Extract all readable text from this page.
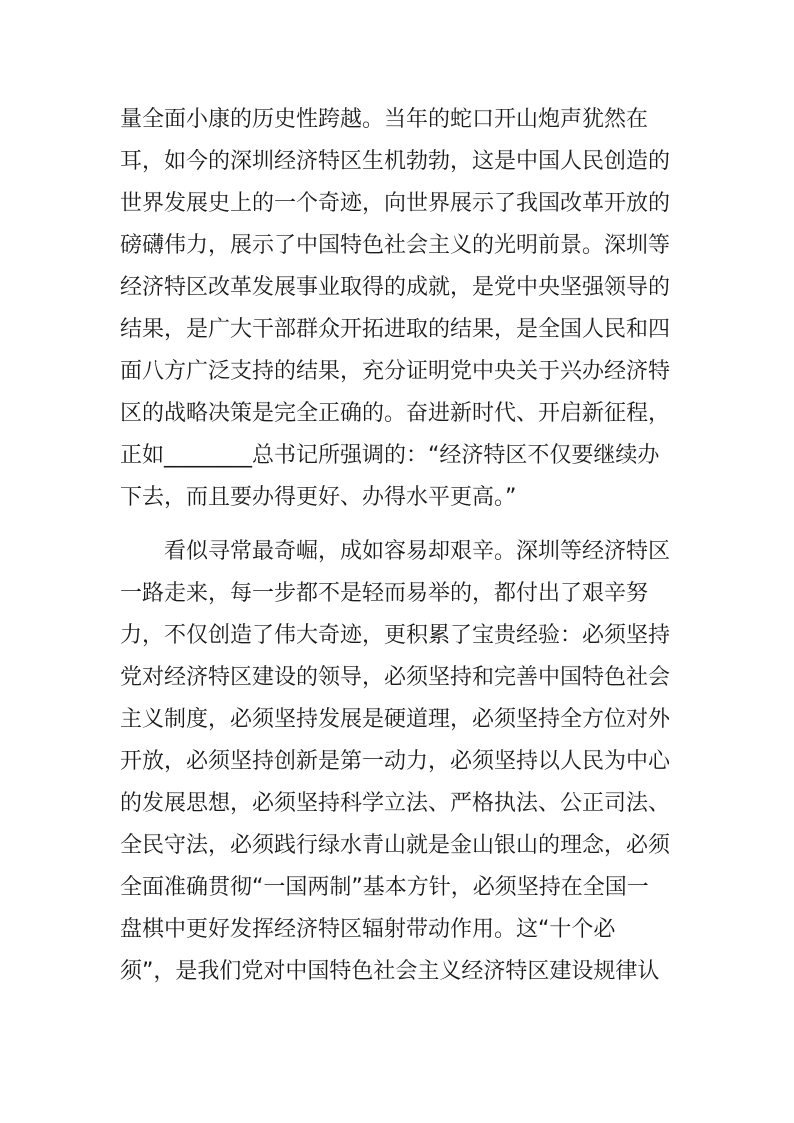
量全面小康的历史性跨越。当年的蛇口开山炮声犹然在
耳，如今的深圳经济特区生机勃勃，这是中国人民创造的
世界发展史上的一个奇迹，向世界展示了我国改革开放的
磅礴伟力，展示了中国特色社会主义的光明前景。深圳等
经济特区改革发展事业取得的成就，是党中央坚强领导的
结果，是广大干部群众开拓进取的结果，是全国人民和四
面八方广泛支持的结果，充分证明党中央关于兴办经济特
区的战略决策是完全正确的。奋进新时代、开启新征程，
正如________总书记所强调的：“经济特区不仅要继续办
下去，而且要办得更好、办得水平更高。”
看似寻常最奇崛，成如容易却艰辛。深圳等经济特区
一路走来，每一步都不是轻而易举的，都付出了艰辛努
力，不仅创造了伟大奇迹，更积累了宝贵经验：必须坚持
党对经济特区建设的领导，必须坚持和完善中国特色社会
主义制度，必须坚持发展是硬道理，必须坚持全方位对外
开放，必须坚持创新是第一动力，必须坚持以人民为中心
的发展思想，必须坚持科学立法、严格执法、公正司法、
全民守法，必须践行绿水青山就是金山银山的理念，必须
全面准确贯彻“一国两制”基本方针，必须坚持在全国一
盘棋中更好发挥经济特区辐射带动作用。这“十个必
须”，是我们党对中国特色社会主义经济特区建设规律认
